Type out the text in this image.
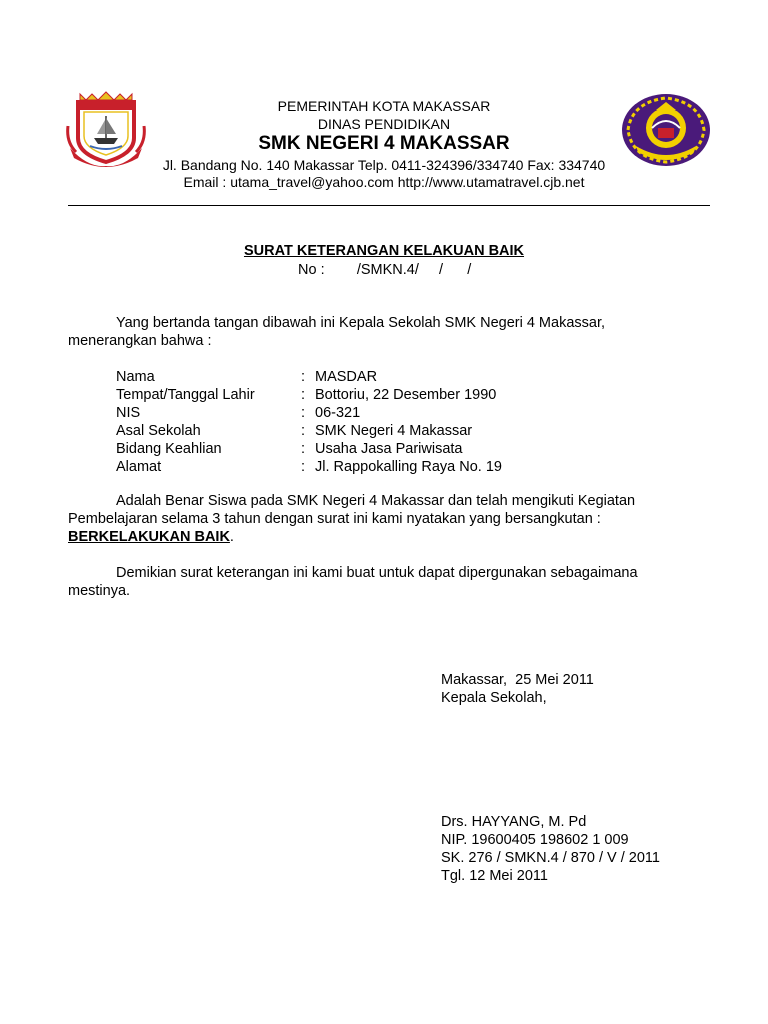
PEMERINTAH KOTA MAKASSAR
DINAS PENDIDIKAN
SMK NEGERI 4 MAKASSAR
Jl. Bandang No. 140 Makassar Telp. 0411-324396/334740 Fax: 334740
Email : utama_travel@yahoo.com http://www.utamatravel.cjb.net
SURAT KETERANGAN KELAKUAN BAIK
No :        /SMKN.4/     /      /
Yang bertanda tangan dibawah ini Kepala Sekolah SMK Negeri 4 Makassar,
menerangkan bahwa :
Nama	: MASDAR
Tempat/Tanggal Lahir	: Bottoriu, 22 Desember 1990
NIS	: 06-321
Asal Sekolah	: SMK Negeri 4 Makassar
Bidang Keahlian	: Usaha Jasa Pariwisata
Alamat	: Jl. Rappokalling Raya No. 19
Adalah Benar Siswa pada SMK Negeri 4 Makassar dan telah mengikuti Kegiatan
Pembelajaran selama 3 tahun dengan surat ini kami nyatakan yang bersangkutan :
BERKELAKUKAN BAIK.
Demikian surat keterangan ini kami buat untuk dapat dipergunakan sebagaimana
mestinya.
Makassar,  25 Mei 2011
Kepala Sekolah,
Drs. HAYYANG, M. Pd
NIP. 19600405 198602 1 009
SK. 276 / SMKN.4 / 870 / V / 2011
Tgl. 12 Mei 2011
